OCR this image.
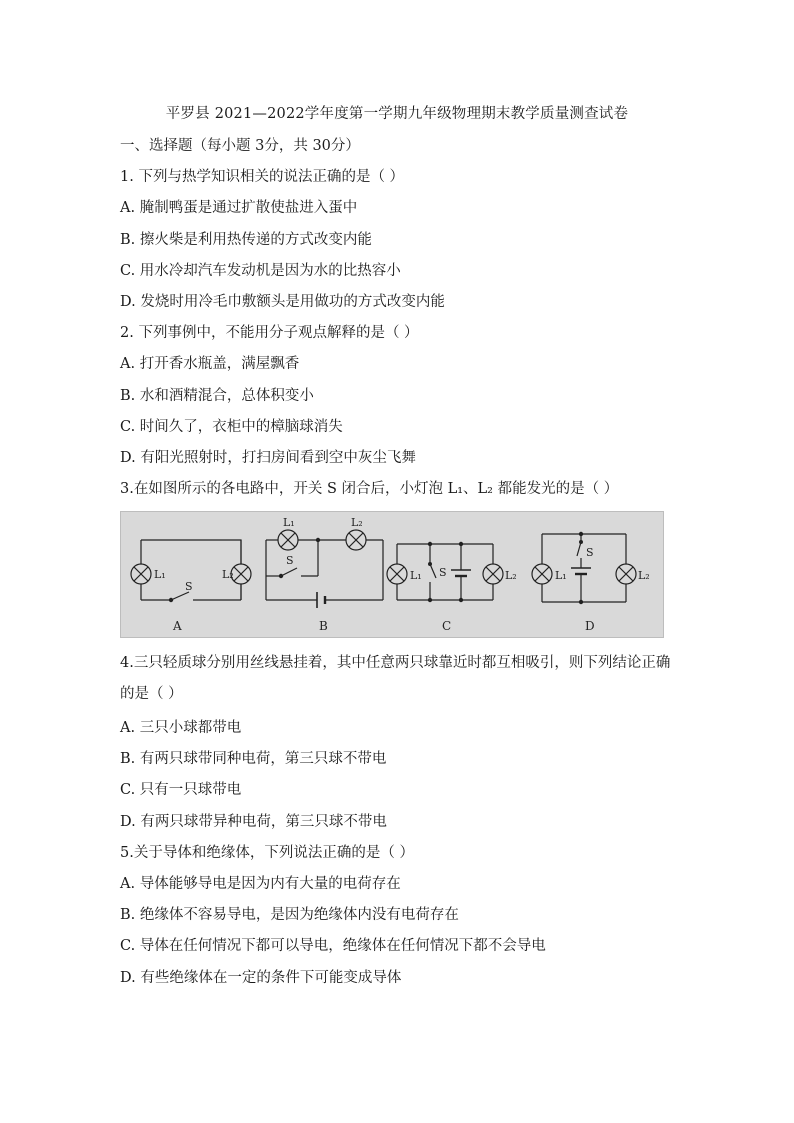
平罗县 2021—2022学年度第一学期九年级物理期末教学质量测查试卷
一、选择题（每小题 3分，共 30分）
1. 下列与热学知识相关的说法正确的是（ ）
A. 腌制鸭蛋是通过扩散使盐进入蛋中
B. 擦火柴是利用热传递的方式改变内能
C. 用水冷却汽车发动机是因为水的比热容小
D. 发烧时用冷毛巾敷额头是用做功的方式改变内能
2. 下列事例中，不能用分子观点解释的是（ ）
A. 打开香水瓶盖，满屋飘香
B. 水和酒精混合，总体积变小
C. 时间久了，衣柜中的樟脑球消失
D. 有阳光照射时，打扫房间看到空中灰尘飞舞
3.在如图所示的各电路中，开关 S 闭合后，小灯泡 L₁、L₂ 都能发光的是（ ）
L₁	L₂
S
A
L₁	L₂
S
B
L₁	L₂
S
C
L₁	L₂
S
D
4.三只轻质球分别用丝线悬挂着，其中任意两只球靠近时都互相吸引，则下列结论正确的是（ ）
A. 三只小球都带电
B. 有两只球带同种电荷，第三只球不带电
C. 只有一只球带电
D. 有两只球带异种电荷，第三只球不带电
5.关于导体和绝缘体，下列说法正确的是（ ）
A. 导体能够导电是因为内有大量的电荷存在
B. 绝缘体不容易导电，是因为绝缘体内没有电荷存在
C. 导体在任何情况下都可以导电，绝缘体在任何情况下都不会导电
D. 有些绝缘体在一定的条件下可能变成导体
